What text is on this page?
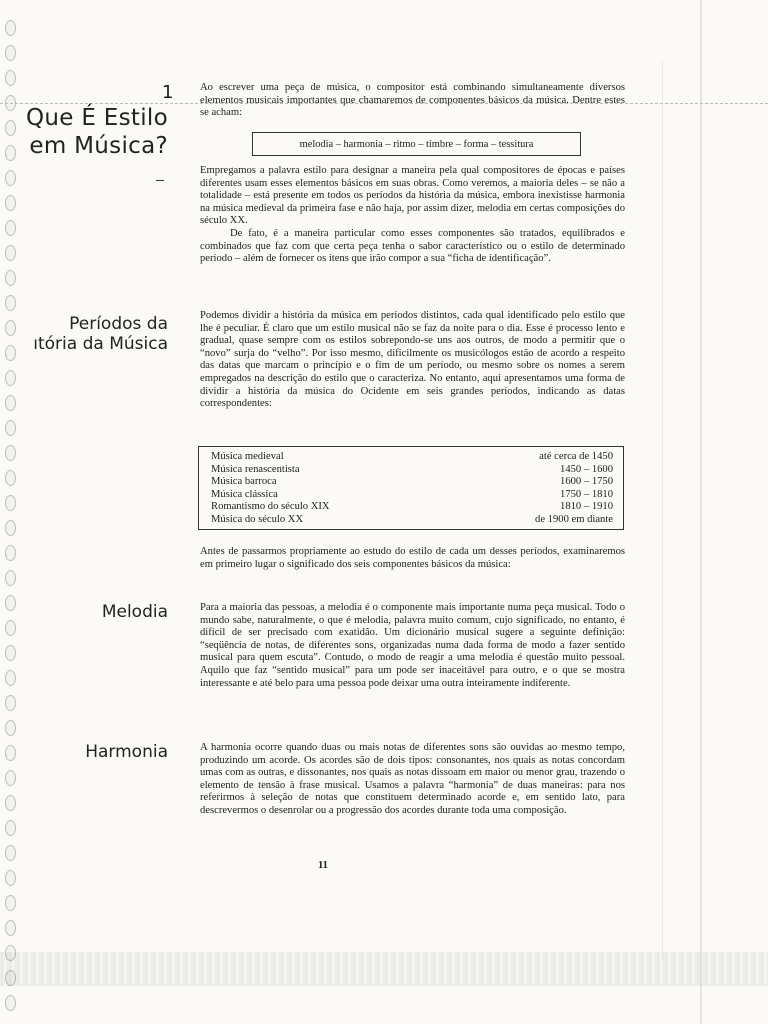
1
Que É Estilo
em Música?

Ao escrever uma peça de música, o compositor está combinando simultaneamente diversos elementos musicais importantes que chamaremos de componentes básicos da música. Dentre estes se acham:

melodia – harmonia – ritmo – timbre – forma – tessitura

Empregamos a palavra estilo para designar a maneira pela qual compositores de épocas e países diferentes usam esses elementos básicos em suas obras. Como veremos, a maioria deles – se não a totalidade – está presente em todos os períodos da história da música, embora inexistisse harmonia na música medieval da primeira fase e não haja, por assim dizer, melodia em certas composições do século XX.

De fato, é a maneira particular como esses componentes são tratados, equilibrados e combinados que faz com que certa peça tenha o sabor característico ou o estilo de determinado período – além de fornecer os itens que irão compor a sua “ficha de identificação”.

Períodos da
ıtória da Música

Podemos dividir a história da música em períodos distintos, cada qual identificado pelo estilo que lhe é peculiar. É claro que um estilo musical não se faz da noite para o dia. Esse é processo lento e gradual, quase sempre com os estilos sobrepondo-se uns aos outros, de modo a permitir que o “novo” surja do “velho”. Por isso mesmo, dificilmente os musicólogos estão de acordo a respeito das datas que marcam o princípio e o fim de um período, ou mesmo sobre os nomes a serem empregados na descrição do estilo que o caracteriza. No entanto, aqui apresentamos uma forma de dividir a história da música do Ocidente em seis grandes períodos, indicando as datas correspondentes:

Música medieval	até cerca de 1450
Música renascentista	1450 – 1600
Música barroca	1600 – 1750
Música clássica	1750 – 1810
Romantismo do século XIX	1810 – 1910
Música do século XX	de 1900 em diante

Antes de passarmos propriamente ao estudo do estilo de cada um desses períodos, examinaremos em primeiro lugar o significado dos seis componentes básicos da música:

Melodia	Para a maioria das pessoas, a melodia é o componente mais importante numa peça musical. Todo o mundo sabe, naturalmente, o que é melodia, palavra muito comum, cujo significado, no entanto, é difícil de ser precisado com exatidão. Um dicionário musical sugere a seguinte definição: “seqüência de notas, de diferentes sons, organizadas numa dada forma de modo a fazer sentido musical para quem escuta”. Contudo, o modo de reagir a uma melodia é questão muito pessoal. Aquilo que faz “sentido musical” para um pode ser inaceitável para outro, e o que se mostra interessante e até belo para uma pessoa pode deixar uma outra inteiramente indiferente.

Harmonia	A harmonia ocorre quando duas ou mais notas de diferentes sons são ouvidas ao mesmo tempo, produzindo um acorde. Os acordes são de dois tipos: consonantes, nos quais as notas concordam umas com as outras, e dissonantes, nos quais as notas dissoam em maior ou menor grau, trazendo o elemento de tensão à frase musical. Usamos a palavra “harmonia” de duas maneiras: para nos referirmos à seleção de notas que constituem determinado acorde e, em sentido lato, para descrevermos o desenrolar ou a progressão dos acordes durante toda uma composição.

11
